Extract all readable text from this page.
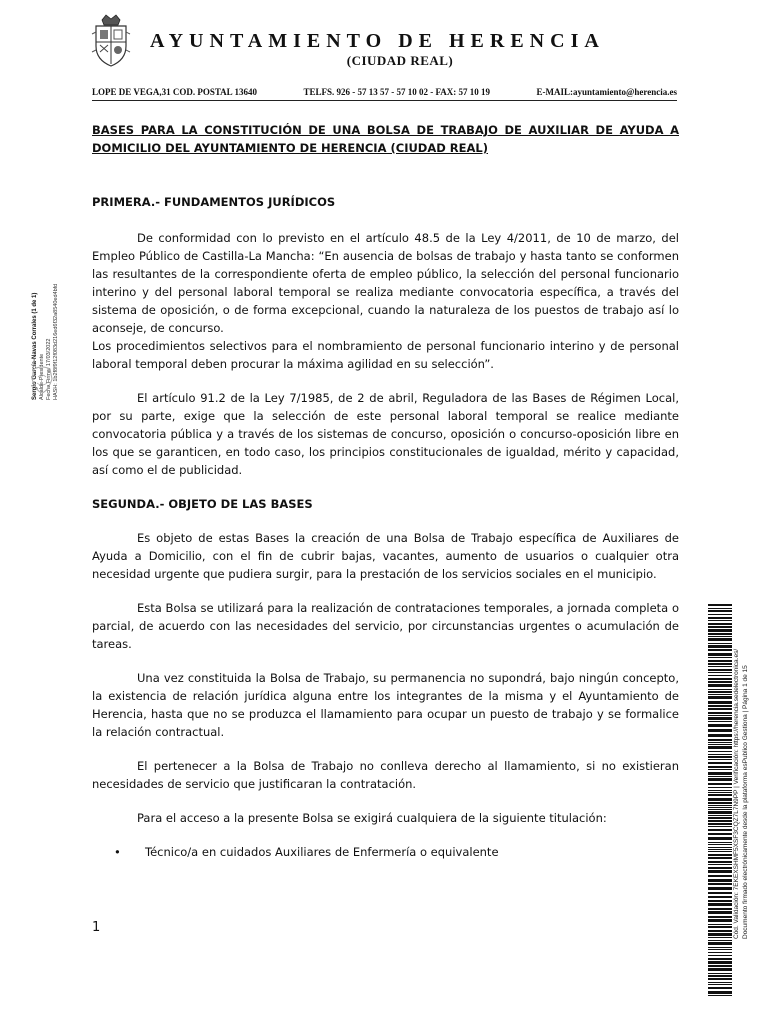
AYUNTAMIENTO DE HERENCIA
(CIUDAD REAL)
LOPE DE VEGA,31 COD. POSTAL 13640	TELFS. 926 - 57 13 57 - 57 10 02 - FAX: 57 10 19	E-MAIL:ayuntamiento@herencia.es
Sergio García-Navas Corrales (1 de 1) Alcalde-Presidente Fecha Firma: 17/03/2022 HASH: 1b2f8f9f12f083d216ed6f32a8540ed4bfd
BASES PARA LA CONSTITUCIÓN DE UNA BOLSA DE TRABAJO DE AUXILIAR DE AYUDA A DOMICILIO DEL AYUNTAMIENTO DE HERENCIA (CIUDAD REAL)
PRIMERA.- FUNDAMENTOS JURÍDICOS

De conformidad con lo previsto en el artículo 48.5 de la Ley 4/2011, de 10 de marzo, del Empleo Público de Castilla-La Mancha: “En ausencia de bolsas de trabajo y hasta tanto se conformen las resultantes de la correspondiente oferta de empleo público, la selección del personal funcionario interino y del personal laboral temporal se realiza mediante convocatoria específica, a través del sistema de oposición, o de forma excepcional, cuando la naturaleza de los puestos de trabajo así lo aconseje, de concurso.

Los procedimientos selectivos para el nombramiento de personal funcionario interino y de personal laboral temporal deben procurar la máxima agilidad en su selección”.

El artículo 91.2 de la Ley 7/1985, de 2 de abril, Reguladora de las Bases de Régimen Local, por su parte, exige que la selección de este personal laboral temporal se realice mediante convocatoria pública y a través de los sistemas de concurso, oposición o concurso-oposición libre en los que se garanticen, en todo caso, los principios constitucionales de igualdad, mérito y capacidad, así como el de publicidad.

SEGUNDA.- OBJETO DE LAS BASES

Es objeto de estas Bases la creación de una Bolsa de Trabajo específica de Auxiliares de Ayuda a Domicilio, con el fin de cubrir bajas, vacantes, aumento de usuarios o cualquier otra necesidad urgente que pudiera surgir, para la prestación de los servicios sociales en el municipio.

Esta Bolsa se utilizará para la realización de contrataciones temporales, a jornada completa o parcial, de acuerdo con las necesidades del servicio, por circunstancias urgentes o acumulación de tareas.

Una vez constituida la Bolsa de Trabajo, su permanencia no supondrá, bajo ningún concepto, la existencia de relación jurídica alguna entre los integrantes de la misma y el Ayuntamiento de Herencia, hasta que no se produzca el llamamiento para ocupar un puesto de trabajo y se formalice la relación contractual.

El pertenecer a la Bolsa de Trabajo no conlleva derecho al llamamiento, si no existieran necesidades de servicio que justificaran la contratación.

Para el acceso a la presente Bolsa se exigirá cualquiera de la siguiente titulación:

•	Técnico/a en cuidados Auxiliares de Enfermería o equivalente
1	Cód. Validación: 7EKEXSHMF5XSF3CQZ7L7N9PP | Verificación: https://herencia.sedelectronica.es/ Documento firmado electrónicamente desde la plataforma esPublico Gestiona | Página 1 de 15
